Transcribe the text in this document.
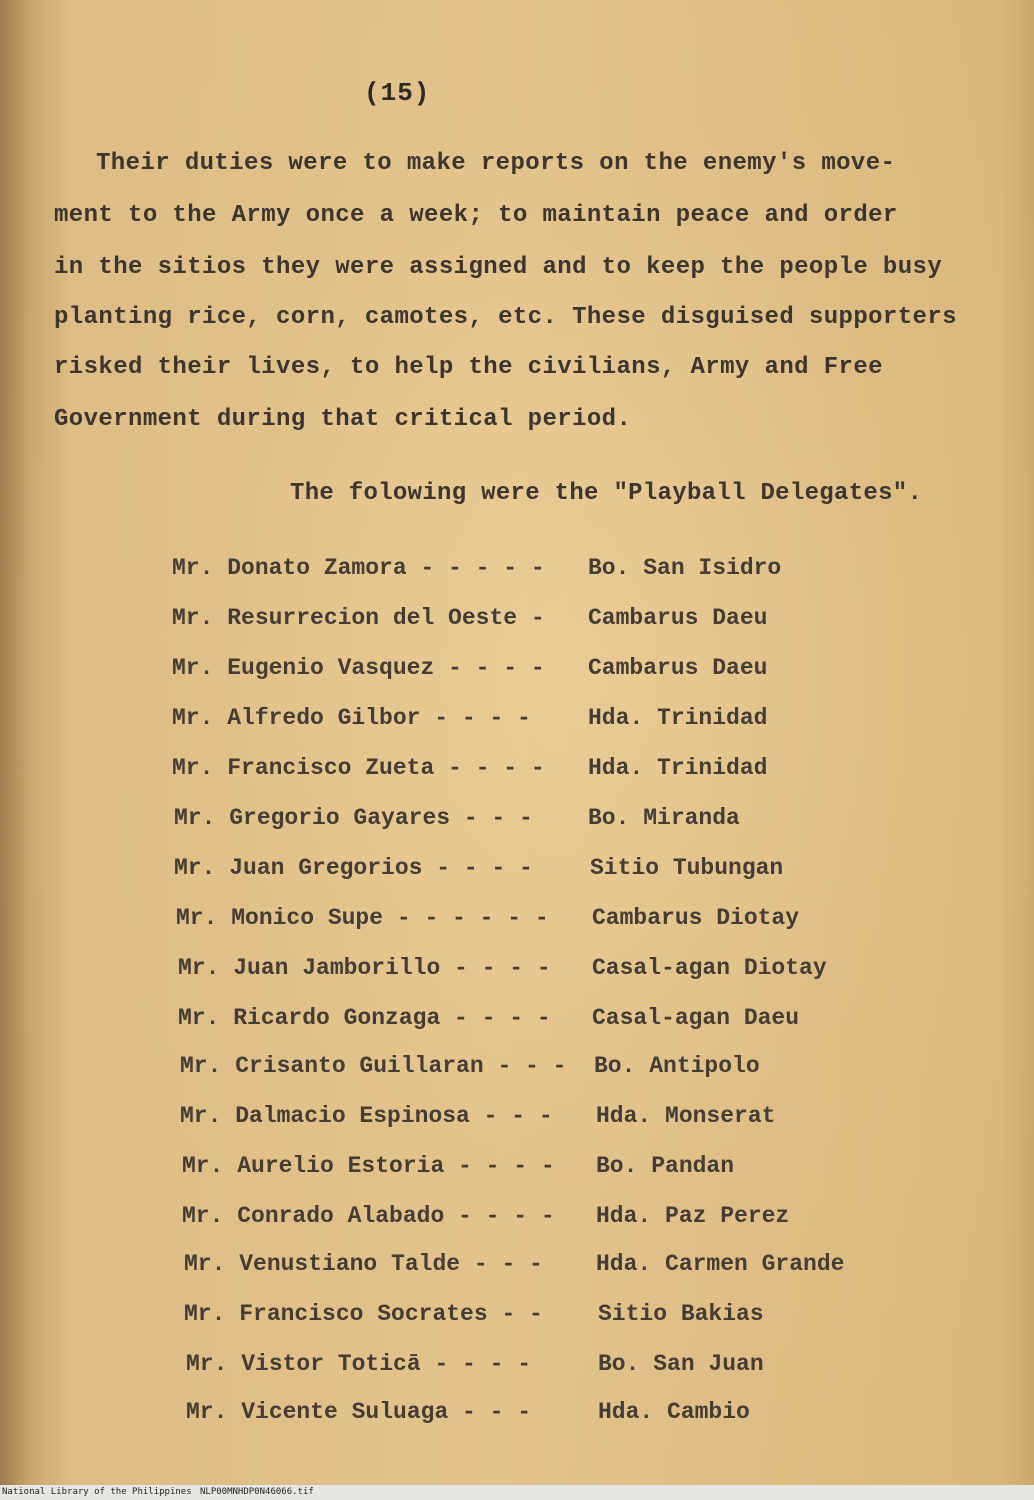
(15)
Their duties were to make reports on the enemy's move-
ment to the Army once a week; to maintain peace and order
in the sitios they were assigned and to keep the people busy
planting rice, corn, camotes, etc. These disguised supporters
risked their lives, to help the civilians, Army and Free
Government during that critical period.
The folowing were the "Playball Delegates".
Mr. Donato Zamora - - - - - Bo. San Isidro
Mr. Resurrecion del Oeste - Cambarus Daeu
Mr. Eugenio Vasquez - - - - Cambarus Daeu
Mr. Alfredo Gilbor - - - - Hda. Trinidad
Mr. Francisco Zueta - - - - Hda. Trinidad
Mr. Gregorio Gayares - - - Bo. Miranda
Mr. Juan Gregorios - - - - Sitio Tubungan
Mr. Monico Supe - - - - - - Cambarus Diotay
Mr. Juan Jamborillo - - - - Casal-agan Diotay
Mr. Ricardo Gonzaga - - - - Casal-agan Daeu
Mr. Crisanto Guillaran - - - Bo. Antipolo
Mr. Dalmacio Espinosa - - - Hda. Monserat
Mr. Aurelio Estoria - - - - Bo. Pandan
Mr. Conrado Alabado - - - - Hda. Paz Perez
Mr. Venustiano Talde - - - Hda. Carmen Grande
Mr. Francisco Socrates - - Sitio Bakias
Mr. Vistor Toticā - - - -	Bo. San Juan
Mr. Vicente Suluaga - - -	Hda. Cambio
National Library of the Philippines NLP00MNHDP0N46066.tif
